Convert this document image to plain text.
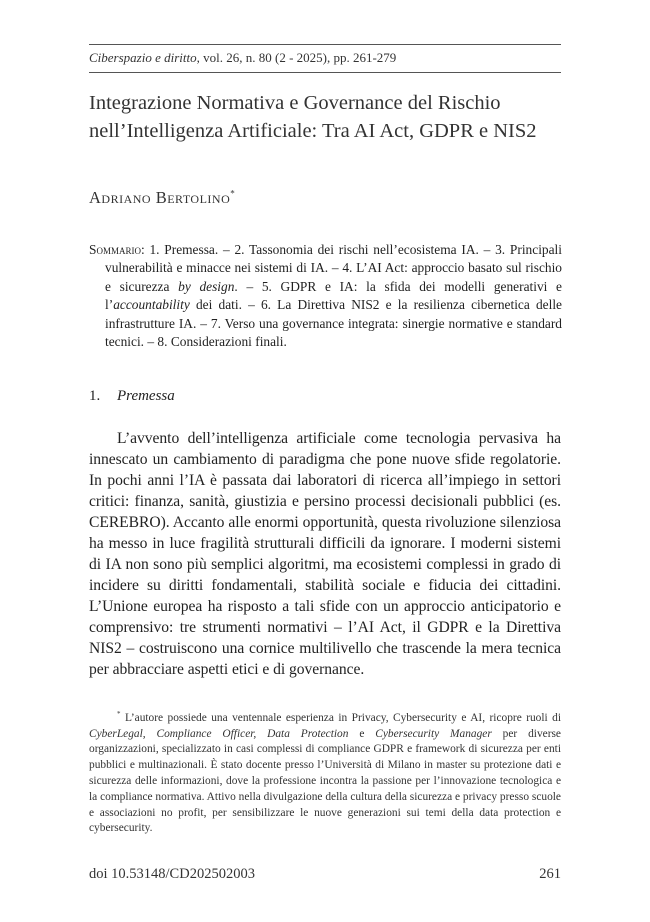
Ciberspazio e diritto, vol. 26, n. 80 (2 - 2025), pp. 261-279
Integrazione Normativa e Governance del Rischio
nell’Intelligenza Artificiale: Tra AI Act, GDPR e NIS2
Adriano Bertolino*
Sommario: 1. Premessa. – 2. Tassonomia dei rischi nell’ecosistema IA. – 3. Principali vulnerabilità e minacce nei sistemi di IA. – 4. L’AI Act: approccio basato sul rischio e sicurezza by design. – 5. GDPR e IA: la sfida dei modelli generativi e l’accountability dei dati. – 6. La Direttiva NIS2 e la resilienza cibernetica delle infrastrutture IA. – 7. Verso una governance integrata: sinergie normative e standard tecnici. – 8. Considerazioni finali.
1. Premessa

L’avvento dell’intelligenza artificiale come tecnologia pervasiva ha innescato un cambiamento di paradigma che pone nuove sfide regolatorie. In pochi anni l’IA è passata dai laboratori di ricerca all’impiego in settori critici: finanza, sanità, giustizia e persino processi decisionali pubblici (es. CEREBRO). Accanto alle enormi opportunità, questa rivoluzione silenziosa ha messo in luce fragilità strutturali difficili da ignorare. I moderni sistemi di IA non sono più semplici algoritmi, ma ecosistemi complessi in grado di incidere su diritti fondamentali, stabilità sociale e fiducia dei cittadini. L’Unione europea ha risposto a tali sfide con un approccio anticipatorio e comprensivo: tre strumenti normativi – l’AI Act, il GDPR e la Direttiva NIS2 – costruiscono una cornice multilivello che trascende la mera tecnica per abbracciare aspetti etici e di governance.

* L’autore possiede una ventennale esperienza in Privacy, Cybersecurity e AI, ricopre ruoli di CyberLegal, Compliance Officer, Data Protection e Cybersecurity Manager per diverse organizzazioni, specializzato in casi complessi di compliance GDPR e framework di sicurezza per enti pubblici e multinazionali. È stato docente presso l’Università di Milano in master su protezione dati e sicurezza delle informazioni, dove la professione incontra la passione per l’innovazione tecnologica e la compliance normativa. Attivo nella divulgazione della cultura della sicurezza e privacy presso scuole e associazioni no profit, per sensibilizzare le nuove generazioni sui temi della data protection e cybersecurity.

doi 10.53148/CD202502003	261
